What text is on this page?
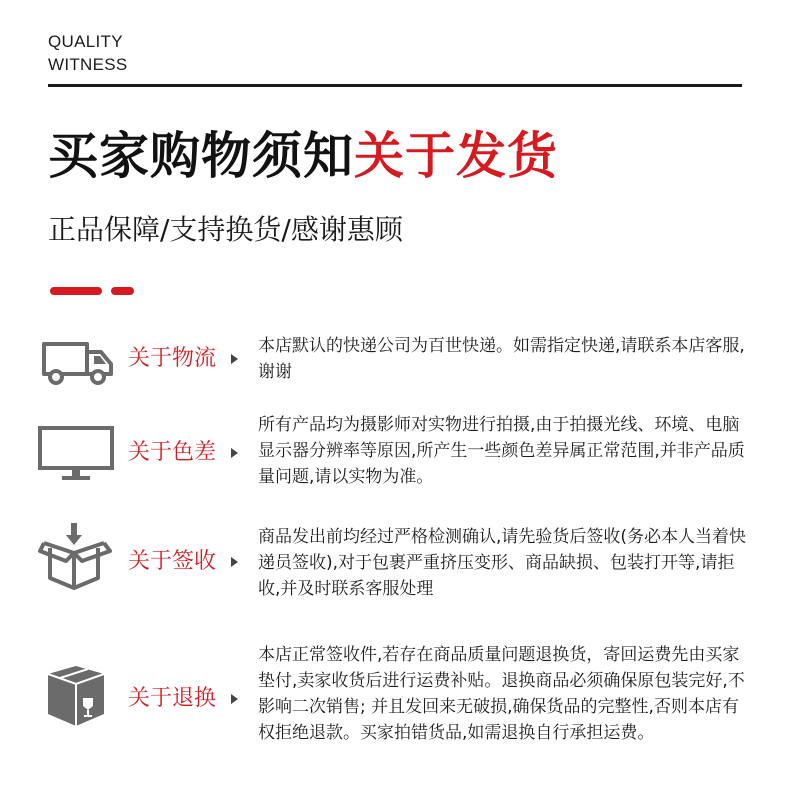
QUALITY
WITNESS
买家购物须知关于发货
正品保障/支持换货/感谢惠顾
关于物流 本店默认的快递公司为百世快递。如需指定快递,请联系本店客服,谢谢
关于色差
所有产品均为摄影师对实物进行拍摄,由于拍摄光线、环境、电脑显示器分辨率等原因,所产生一些颜色差异属正常范围,并非产品质量问题,请以实物为准。
关于签收
商品发出前均经过严格检测确认,请先验货后签收(务必本人当着快递员签收),对于包裹严重挤压变形、商品缺损、包装打开等,请拒收,并及时联系客服处理
关于退换
本店正常签收件,若存在商品质量问题退换货，寄回运费先由买家垫付,卖家收货后进行运费补贴。退换商品必须确保原包装完好,不影响二次销售; 并且发回来无破损,确保货品的完整性,否则本店有权拒绝退款。买家拍错货品,如需退换自行承担运费。
